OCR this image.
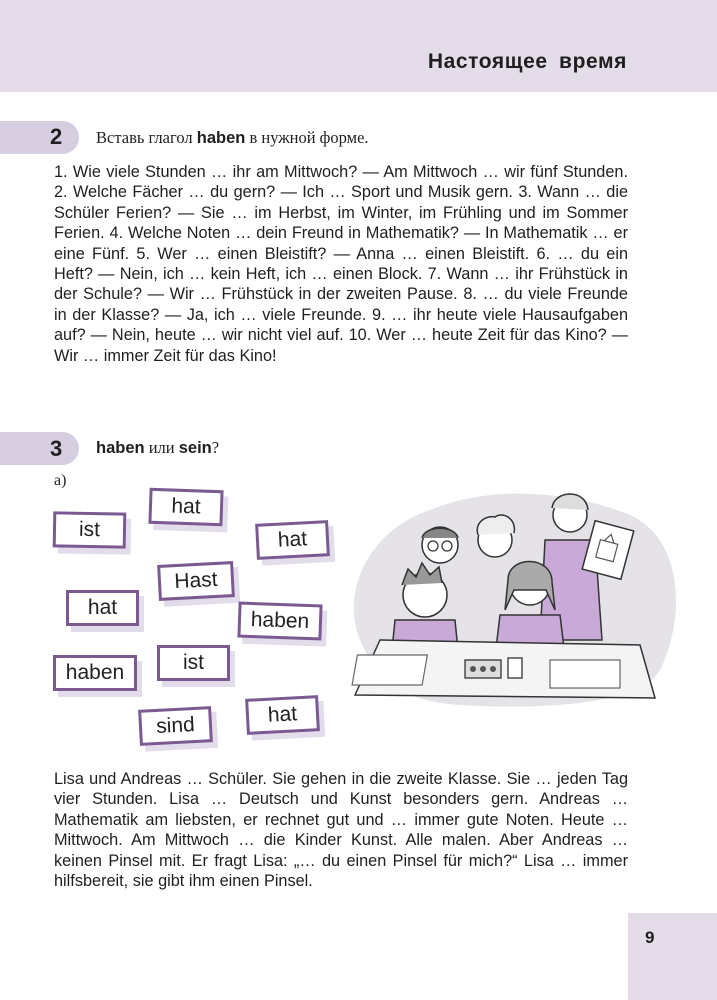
Настоящее время
2 Вставь глагол haben в нужной форме.
1. Wie viele Stunden … ihr am Mittwoch? — Am Mittwoch … wir fünf Stunden. 2. Welche Fächer … du gern? — Ich … Sport und Musik gern. 3. Wann … die Schüler Ferien? — Sie … im Herbst, im Winter, im Frühling und im Sommer Ferien. 4. Welche Noten … dein Freund in Mathematik? — In Mathematik … er eine Fünf. 5. Wer … einen Bleistift? — Anna … einen Bleistift. 6. … du ein Heft? — Nein, ich … kein Heft, ich … einen Block. 7. Wann … ihr Frühstück in der Schule? — Wir … Frühstück in der zweiten Pause. 8. … du viele Freunde in der Klasse? — Ja, ich … viele Freunde. 9. … ihr heute viele Hausaufgaben auf? — Nein, heute … wir nicht viel auf. 10. Wer … heute Zeit für das Kino? — Wir … immer Zeit für das Kino!
3 haben или sein?
а)
hat
ist	hat
Hast
hat
haben
haben	ist
hat
sind
Lisa und Andreas … Schüler. Sie gehen in die zweite Klasse. Sie … jeden Tag vier Stunden. Lisa … Deutsch und Kunst besonders gern. Andreas … Mathematik am liebsten, er rechnet gut und … immer gute Noten. Heute … Mittwoch. Am Mittwoch … die Kinder Kunst. Alle malen. Aber Andreas … keinen Pinsel mit. Er fragt Lisa: „… du einen Pinsel für mich?“ Lisa … immer hilfsbereit, sie gibt ihm einen Pinsel.
9
